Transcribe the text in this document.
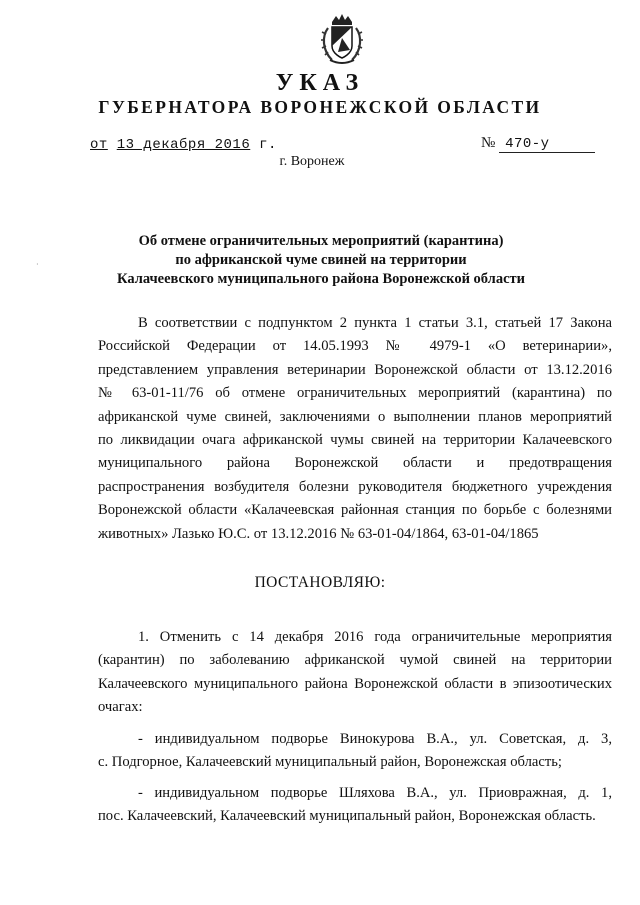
УКАЗ
ГУБЕРНАТОРА ВОРОНЕЖСКОЙ ОБЛАСТИ
от 13 декабря 2016 г.	№ 470-у
г. Воронеж
·
Об отмене ограничительных мероприятий (карантина)
по африканской чуме свиней на территории
Калачеевского муниципального района Воронежской области
В соответствии с подпунктом 2 пункта 1 статьи 3.1, статьей 17 Закона
Российской Федерации от 14.05.1993 № 4979-1 «О ветеринарии»,
представлением управления ветеринарии Воронежской области от 13.12.2016
№ 63-01-11/76 об отмене ограничительных мероприятий (карантина) по
африканской чуме свиней, заключениями о выполнении планов мероприятий
по ликвидации очага африканской чумы свиней на территории Калачеевского
муниципального района Воронежской области и предотвращения
распространения возбудителя болезни руководителя бюджетного учреждения
Воронежской области «Калачеевская районная станция по борьбе с болезнями
животных» Лазько Ю.С. от 13.12.2016 № 63-01-04/1864, 63-01-04/1865
ПОСТАНОВЛЯЮ:
1. Отменить с 14 декабря 2016 года ограничительные мероприятия
(карантин) по заболеванию африканской чумой свиней на территории
Калачеевского муниципального района Воронежской области в эпизоотических
очагах:
- индивидуальном подворье Винокурова В.А., ул. Советская, д. 3,
с. Подгорное, Калачеевский муниципальный район, Воронежская область;
- индивидуальном подворье Шляхова В.А., ул. Приовражная, д. 1,
пос. Калачеевский, Калачеевский муниципальный район, Воронежская область.
